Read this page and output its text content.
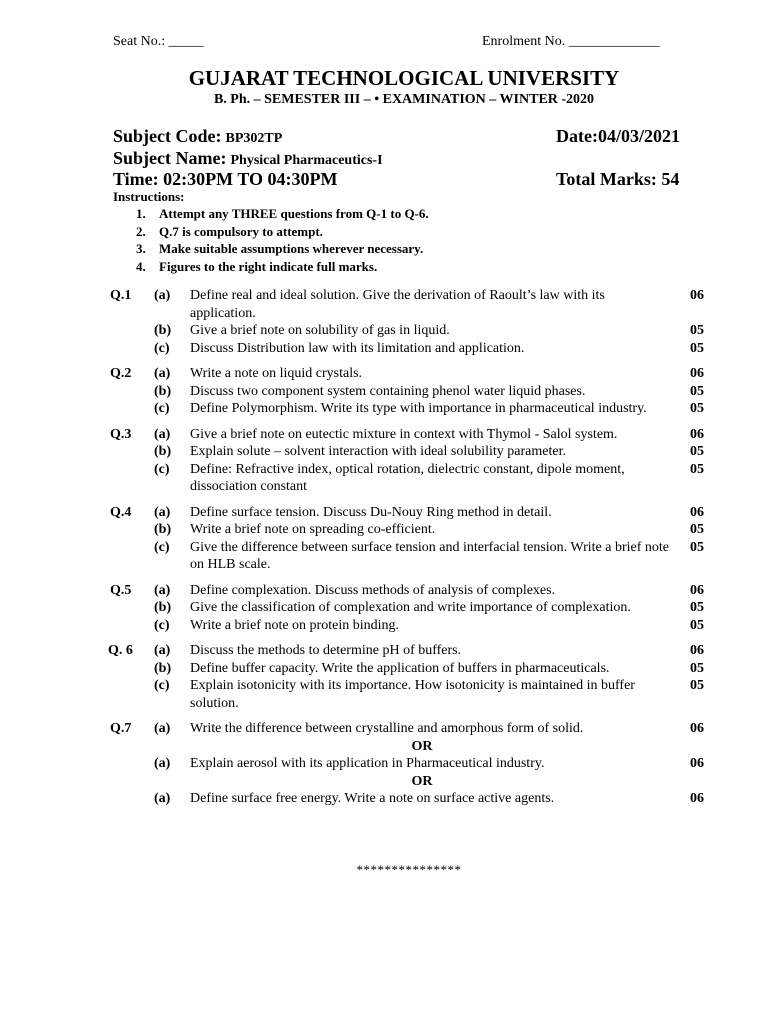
Seat No.: _____	Enrolment No. _____________
GUJARAT TECHNOLOGICAL UNIVERSITY
B. Ph. – SEMESTER III – • EXAMINATION – WINTER -2020
Subject Code: BP302TP
Subject Name: Physical Pharmaceutics-I
Time: 02:30PM TO 04:30PM
Date:04/03/2021
Total Marks: 54
Instructions:
1. Attempt any THREE questions from Q-1 to Q-6.
2. Q.7 is compulsory to attempt.
3. Make suitable assumptions wherever necessary.
4. Figures to the right indicate full marks.
Q.1	(a) Define real and ideal solution. Give the derivation of Raoult’s law with its application.
06
(b) Give a brief note on solubility of gas in liquid.	05
(c) Discuss Distribution law with its limitation and application.	05
Q.2	(a) Write a note on liquid crystals.	06
(b) Discuss two component system containing phenol water liquid phases.	05
(c) Define Polymorphism. Write its type with importance in pharmaceutical industry.	05
Q.3	(a) Give a brief note on eutectic mixture in context with Thymol - Salol system.	06
(b) Explain solute – solvent interaction with ideal solubility parameter.	05
(c) Define: Refractive index, optical rotation, dielectric constant, dipole moment, dissociation constant
05
Q.4	(a) Define surface tension. Discuss Du-Nouy Ring method in detail.	06
(b) Write a brief note on spreading co-efficient.	05
(c) Give the difference between surface tension and interfacial tension. Write a brief note on HLB scale.
05
Q.5	(a) Define complexation. Discuss methods of analysis of complexes.	06
(b) Give the classification of complexation and write importance of complexation.	05
(c) Write a brief note on protein binding.	05
Q. 6	(a) Discuss the methods to determine pH of buffers.	06
(b) Define buffer capacity. Write the application of buffers in pharmaceuticals.	05
(c) Explain isotonicity with its importance. How isotonicity is maintained in buffer solution.
05
Q.7	(a) Write the difference between crystalline and amorphous form of solid.	06
OR
(a) Explain aerosol with its application in Pharmaceutical industry.	06
OR
(a) Define surface free energy. Write a note on surface active agents.	06
***************
